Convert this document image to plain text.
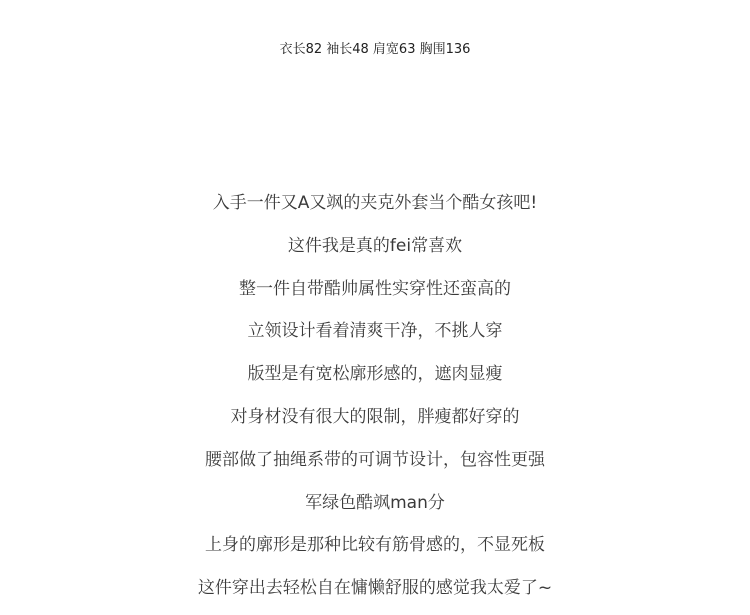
衣长82 袖长48 肩宽63 胸围136
入手一件又A又飒的夹克外套当个酷女孩吧!
这件我是真的fei常喜欢
整一件自带酷帅属性实穿性还蛮高的
立领设计看着清爽干净，不挑人穿
版型是有宽松廓形感的，遮肉显瘦
对身材没有很大的限制，胖瘦都好穿的
腰部做了抽绳系带的可调节设计，包容性更强
军绿色酷飒man分
上身的廓形是那种比较有筋骨感的，不显死板
这件穿出去轻松自在慵懒舒服的感觉我太爱了~
